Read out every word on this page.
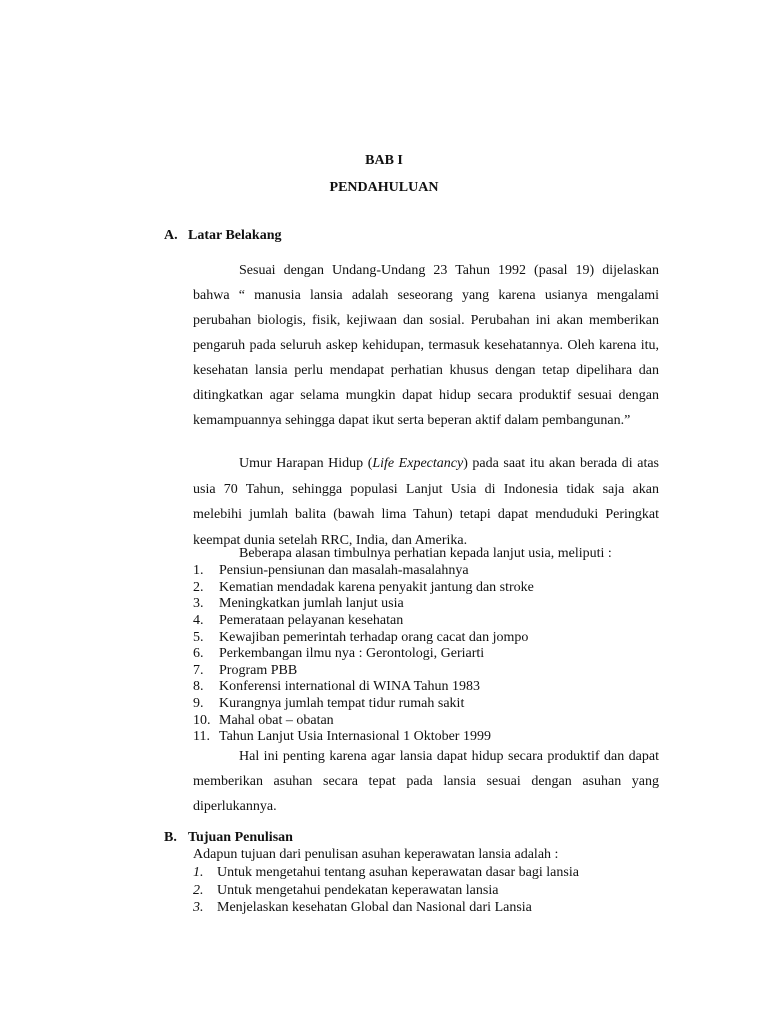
BAB I
PENDAHULUAN
A. Latar Belakang

Sesuai dengan Undang-Undang 23 Tahun 1992 (pasal 19) dijelaskan bahwa “ manusia lansia adalah seseorang yang karena usianya mengalami perubahan biologis, fisik, kejiwaan dan sosial. Perubahan ini akan memberikan pengaruh pada seluruh askep kehidupan, termasuk kesehatannya. Oleh karena itu, kesehatan lansia perlu mendapat perhatian khusus dengan tetap dipelihara dan ditingkatkan agar selama mungkin dapat hidup secara produktif sesuai dengan kemampuannya sehingga dapat ikut serta beperan aktif dalam pembangunan.”

Umur Harapan Hidup (Life Expectancy) pada saat itu akan berada di atas usia 70 Tahun, sehingga populasi Lanjut Usia di Indonesia tidak saja akan melebihi jumlah balita (bawah lima Tahun) tetapi dapat menduduki Peringkat keempat dunia setelah RRC, India, dan Amerika.

Beberapa alasan timbulnya perhatian kepada lanjut usia, meliputi :
1. Pensiun-pensiunan dan masalah-masalahnya
2. Kematian mendadak karena penyakit jantung dan stroke
3. Meningkatkan jumlah lanjut usia
4. Pemerataan pelayanan kesehatan
5. Kewajiban pemerintah terhadap orang cacat dan jompo
6. Perkembangan ilmu nya : Gerontologi, Geriarti
7. Program PBB
8. Konferensi international di WINA Tahun 1983
9. Kurangnya jumlah tempat tidur rumah sakit
10. Mahal obat – obatan
11. Tahun Lanjut Usia Internasional 1 Oktober 1999

Hal ini penting karena agar lansia dapat hidup secara produktif dan dapat memberikan asuhan secara tepat pada lansia sesuai dengan asuhan yang diperlukannya.

B. Tujuan Penulisan
Adapun tujuan dari penulisan asuhan keperawatan lansia adalah :
1. Untuk mengetahui tentang asuhan keperawatan dasar bagi lansia
2. Untuk mengetahui pendekatan keperawatan lansia
3. Menjelaskan kesehatan Global dan Nasional dari Lansia
